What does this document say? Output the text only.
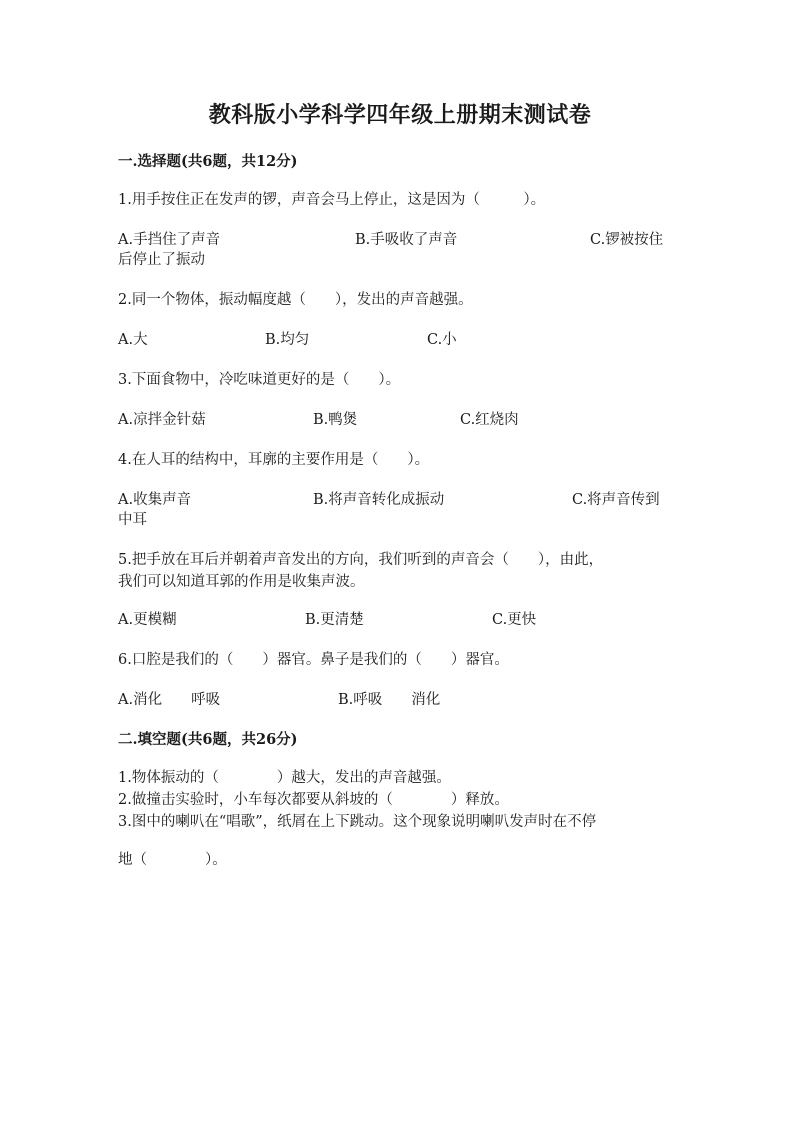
教科版小学科学四年级上册期末测试卷
一.选择题(共6题，共12分)
1.用手按住正在发声的锣，声音会马上停止，这是因为（　　　）。
A.手挡住了声音	B.手吸收了声音	C.锣被按住
后停止了振动
2.同一个物体，振动幅度越（　　），发出的声音越强。
A.大	B.均匀	C.小
3.下面食物中，冷吃味道更好的是（　　）。
A.凉拌金针菇	B.鸭煲	C.红烧肉
4.在人耳的结构中，耳廓的主要作用是（　　）。
A.收集声音	B.将声音转化成振动	C.将声音传到
中耳
5.把手放在耳后并朝着声音发出的方向，我们听到的声音会（　　），由此，
我们可以知道耳郭的作用是收集声波。
A.更模糊	B.更清楚	C.更快
6.口腔是我们的（　　）器官。鼻子是我们的（　　）器官。
A.消化　　呼吸	B.呼吸　　消化
二.填空题(共6题，共26分)
1.物体振动的（　　　　）越大，发出的声音越强。
2.做撞击实验时，小车每次都要从斜坡的（　　　　）释放。
3.图中的喇叭在“唱歌”，纸屑在上下跳动。这个现象说明喇叭发声时在不停
地（　　　　）。
